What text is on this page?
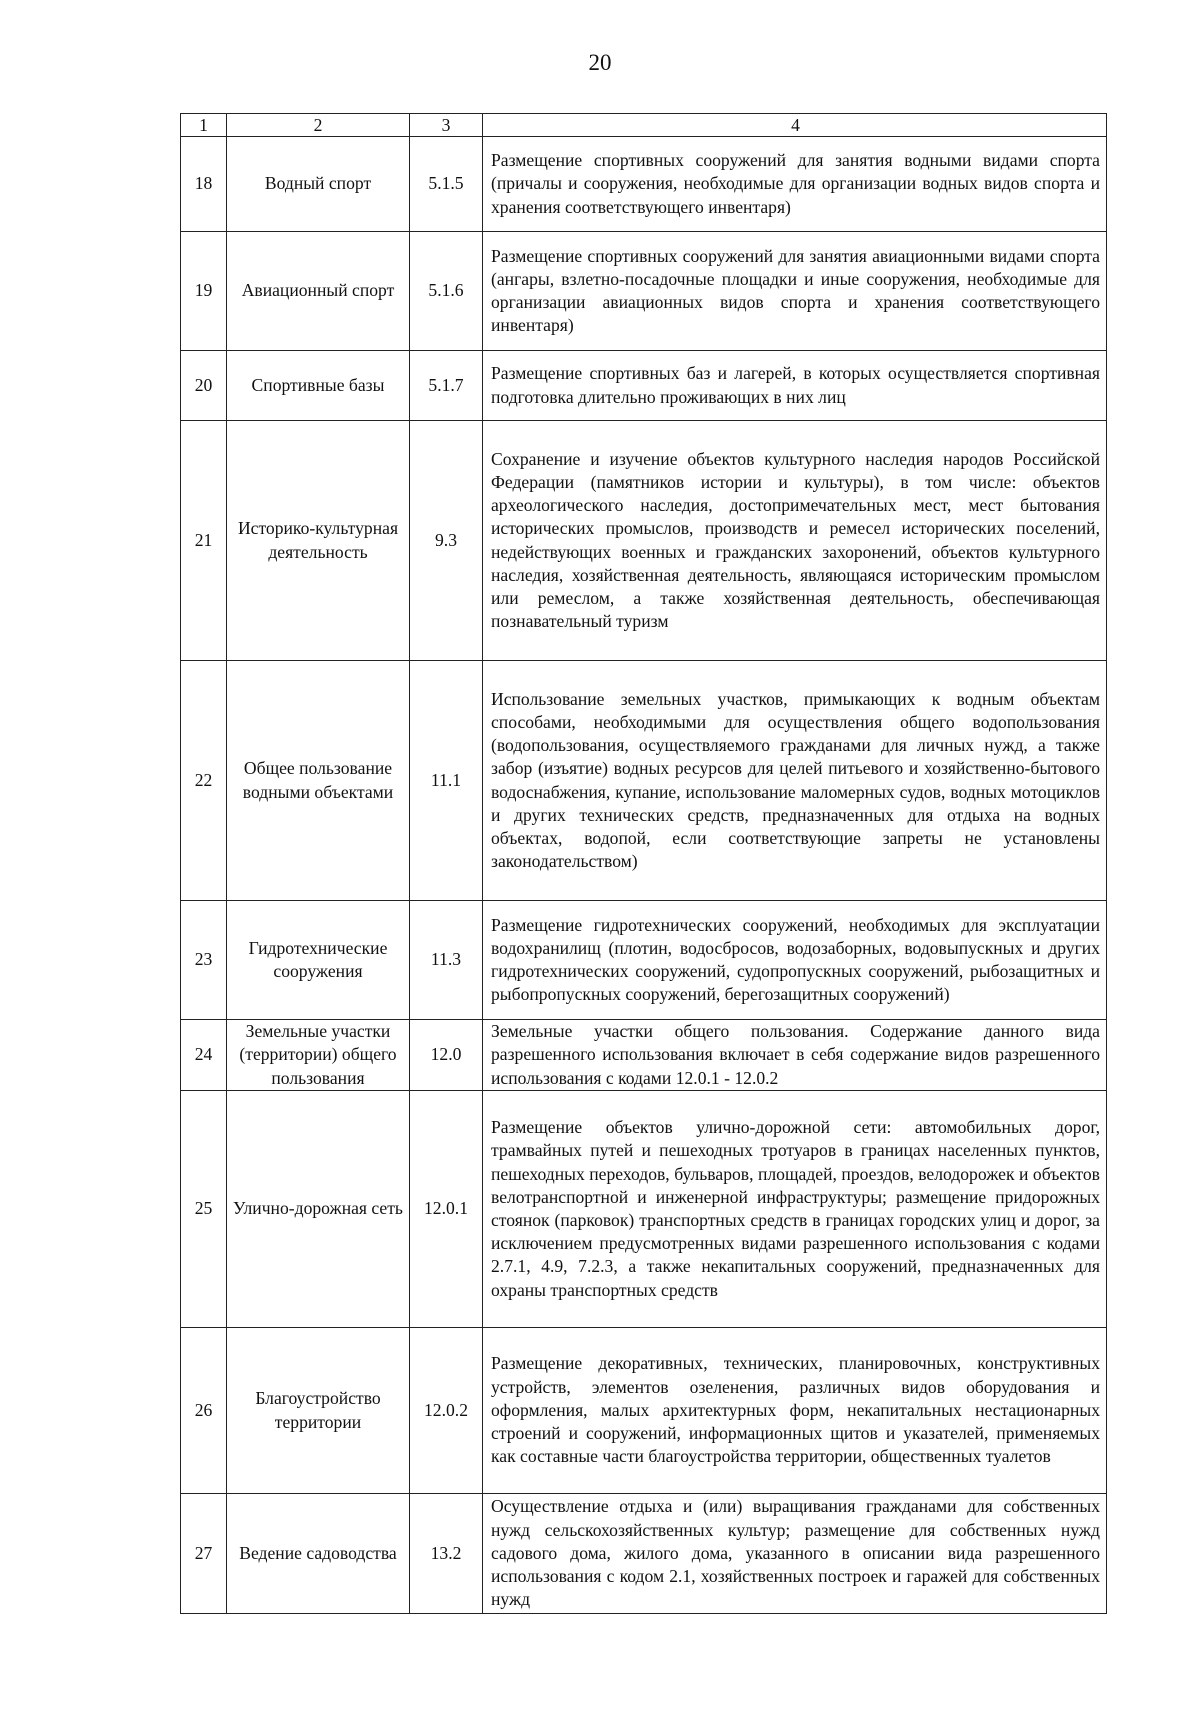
20
1	2	3	4
18	Водный спорт	5.1.5	Размещение спортивных сооружений для занятия водными видами спорта (причалы и сооружения, необходимые для организации водных видов спорта и хранения соответствующего инвентаря)
19	Авиационный спорт	5.1.6	Размещение спортивных сооружений для занятия авиационными видами спорта (ангары, взлетно-посадочные площадки и иные сооружения, необходимые для организации авиационных видов спорта и хранения соответствующего инвентаря)
20	Спортивные базы	5.1.7	Размещение спортивных баз и лагерей, в которых осуществляется спортивная подготовка длительно проживающих в них лиц
21	Историко-культурная деятельность	9.3	Сохранение и изучение объектов культурного наследия народов Российской Федерации (памятников истории и культуры), в том числе: объектов археологического наследия, достопримечательных мест, мест бытования исторических промыслов, производств и ремесел исторических поселений, недействующих военных и гражданских захоронений, объектов культурного наследия, хозяйственная деятельность, являющаяся историческим промыслом или ремеслом, а также хозяйственная деятельность, обеспечивающая познавательный туризм
22	Общее пользование водными объектами	11.1	Использование земельных участков, примыкающих к водным объектам способами, необходимыми для осуществления общего водопользования (водопользования, осуществляемого гражданами для личных нужд, а также забор (изъятие) водных ресурсов для целей питьевого и хозяйственно-бытового водоснабжения, купание, использование маломерных судов, водных мотоциклов и других технических средств, предназначенных для отдыха на водных объектах, водопой, если соответствующие запреты не установлены законодательством)
23	Гидротехнические сооружения	11.3	Размещение гидротехнических сооружений, необходимых для эксплуатации водохранилищ (плотин, водосбросов, водозаборных, водовыпускных и других гидротехнических сооружений, судопропускных сооружений, рыбозащитных и рыбопропускных сооружений, берегозащитных сооружений)
24	Земельные участки (территории) общего пользования	12.0	Земельные участки общего пользования. Содержание данного вида разрешенного использования включает в себя содержание видов разрешенного использования с кодами 12.0.1 - 12.0.2
25	Улично-дорожная сеть	12.0.1	Размещение объектов улично-дорожной сети: автомобильных дорог, трамвайных путей и пешеходных тротуаров в границах населенных пунктов, пешеходных переходов, бульваров, площадей, проездов, велодорожек и объектов велотранспортной и инженерной инфраструктуры; размещение придорожных стоянок (парковок) транспортных средств в границах городских улиц и дорог, за исключением предусмотренных видами разрешенного использования с кодами 2.7.1, 4.9, 7.2.3, а также некапитальных сооружений, предназначенных для охраны транспортных средств
26	Благоустройство территории	12.0.2	Размещение декоративных, технических, планировочных, конструктивных устройств, элементов озеленения, различных видов оборудования и оформления, малых архитектурных форм, некапитальных нестационарных строений и сооружений, информационных щитов и указателей, применяемых как составные части благоустройства территории, общественных туалетов
27	Ведение садоводства	13.2	Осуществление отдыха и (или) выращивания гражданами для собственных нужд сельскохозяйственных культур; размещение для собственных нужд садового дома, жилого дома, указанного в описании вида разрешенного использования с кодом 2.1, хозяйственных построек и гаражей для собственных нужд
